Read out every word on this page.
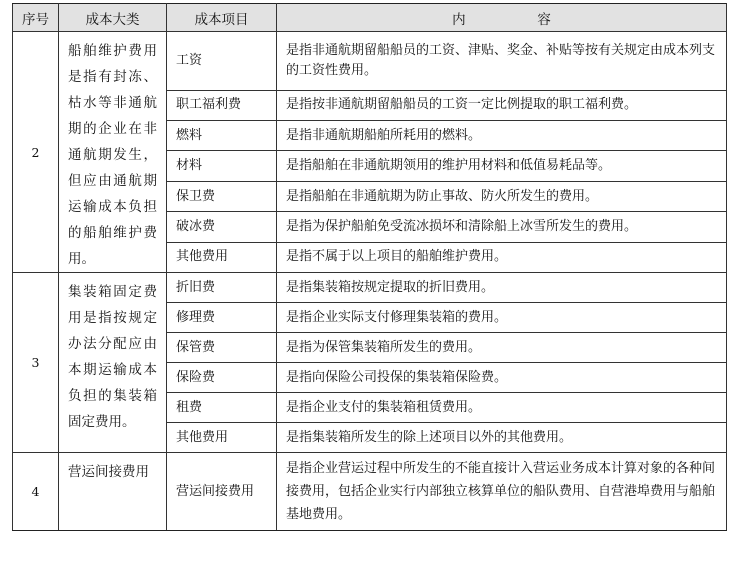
序号	成本大类	成本项目	内 容
2	船舶维护费用是指有封冻、枯水等非通航期的企业在非通航期发生，但应由通航期运输成本负担的船舶维护费用。	工资	是指非通航期留船船员的工资、津贴、奖金、补贴等按有关规定由成本列支的工资性费用。
		职工福利费	是指按非通航期留船船员的工资一定比例提取的职工福利费。
		燃料	是指非通航期船舶所耗用的燃料。
		材料	是指船舶在非通航期领用的维护用材料和低值易耗品等。
		保卫费	是指船舶在非通航期为防止事故、防火所发生的费用。
		破冰费	是指为保护船舶免受流冰损坏和清除船上冰雪所发生的费用。
		其他费用	是指不属于以上项目的船舶维护费用。
3	集装箱固定费用是指按规定办法分配应由本期运输成本负担的集装箱固定费用。	折旧费	是指集装箱按规定提取的折旧费用。
		修理费	是指企业实际支付修理集装箱的费用。
		保管费	是指为保管集装箱所发生的费用。
		保险费	是指向保险公司投保的集装箱保险费。
		租费	是指企业支付的集装箱租赁费用。
		其他费用	是指集装箱所发生的除上述项目以外的其他费用。
4	营运间接费用	营运间接费用	是指企业营运过程中所发生的不能直接计入营运业务成本计算对象的各种间接费用，包括企业实行内部独立核算单位的船队费用、自营港埠费用与船舶基地费用。
